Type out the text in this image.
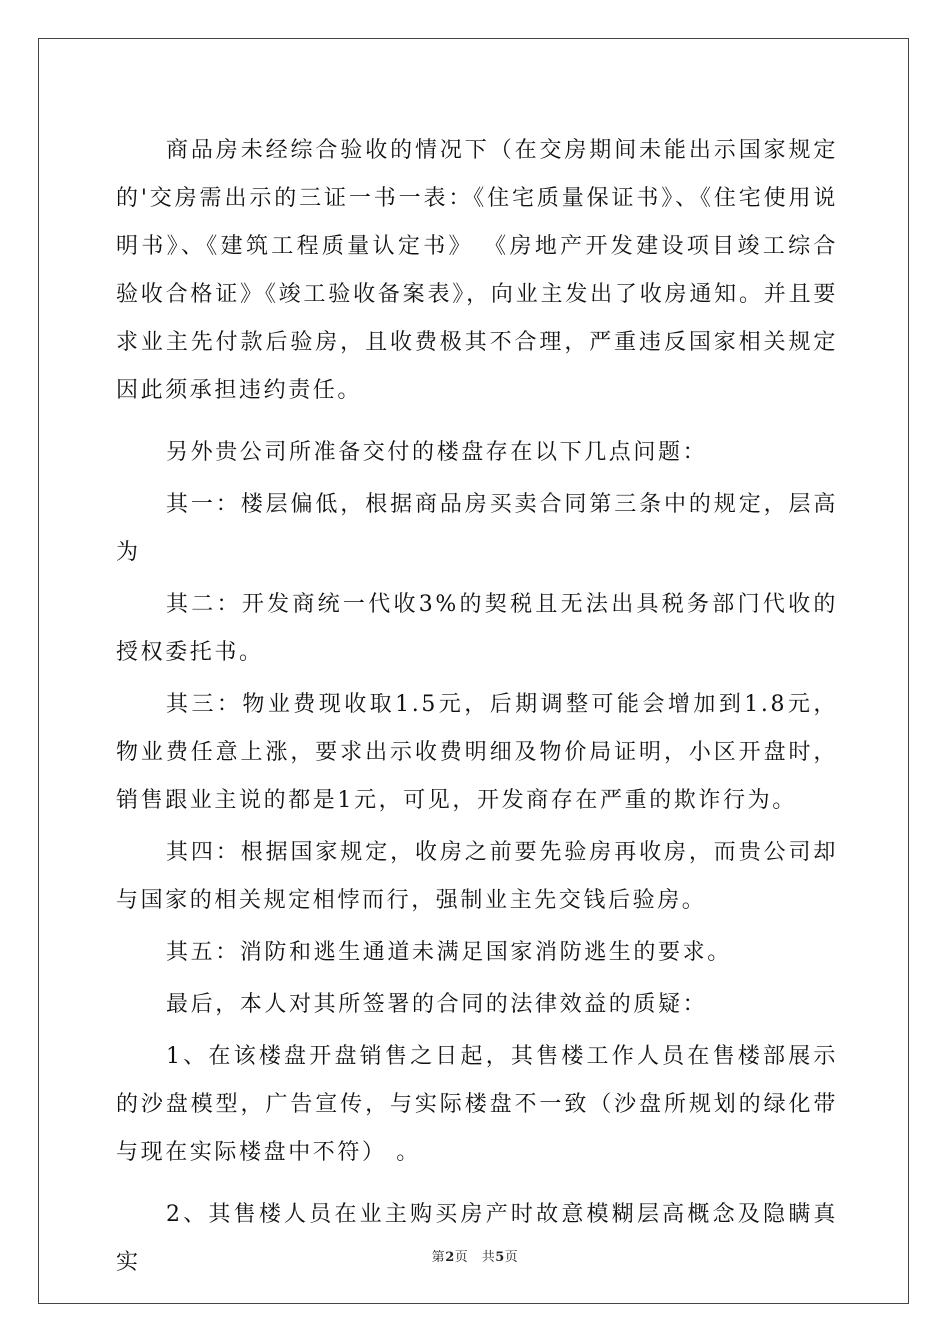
商品房未经综合验收的情况下（在交房期间未能出示国家规定的'交房需出示的三证一书一表：《住宅质量保证书》、《住宅使用说明书》、《建筑工程质量认定书》 《房地产开发建设项目竣工综合验收合格证》《竣工验收备案表》，向业主发出了收房通知。并且要求业主先付款后验房，且收费极其不合理，严重违反国家相关规定因此须承担违约责任。

另外贵公司所准备交付的楼盘存在以下几点问题：

其一：楼层偏低，根据商品房买卖合同第三条中的规定，层高为

其二：开发商统一代收3%的契税且无法出具税务部门代收的授权委托书。

其三：物业费现收取1.5元，后期调整可能会增加到1.8元，物业费任意上涨，要求出示收费明细及物价局证明，小区开盘时，销售跟业主说的都是1元，可见，开发商存在严重的欺诈行为。

其四：根据国家规定，收房之前要先验房再收房，而贵公司却与国家的相关规定相悖而行，强制业主先交钱后验房。

其五：消防和逃生通道未满足国家消防逃生的要求。

最后，本人对其所签署的合同的法律效益的质疑：

1、在该楼盘开盘销售之日起，其售楼工作人员在售楼部展示的沙盘模型，广告宣传，与实际楼盘不一致（沙盘所规划的绿化带与现在实际楼盘中不符） 。

2、其售楼人员在业主购买房产时故意模糊层高概念及隐瞒真实	第2页　共5页
